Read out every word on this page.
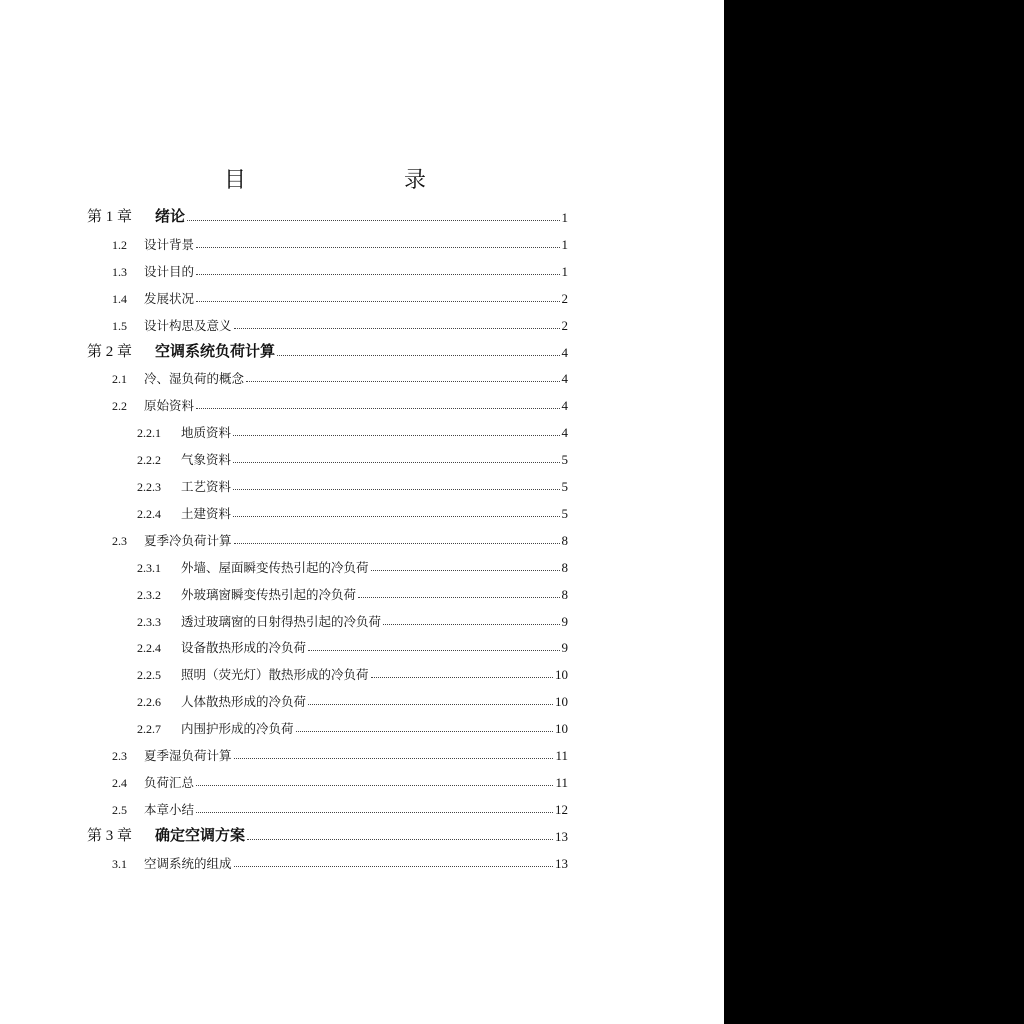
目　　录
第 1 章	绪论	1
1.2	设计背景	1
1.3	设计目的	1
1.4	发展状况	2
1.5	设计构思及意义	2
第 2 章	空调系统负荷计算	4
2.1	冷、湿负荷的概念	4
2.2	原始资料	4
2.2.1	地质资料	4
2.2.2	气象资料	5
2.2.3	工艺资料	5
2.2.4	土建资料	5
2.3	夏季冷负荷计算	8
2.3.1	外墙、屋面瞬变传热引起的冷负荷	8
2.3.2	外玻璃窗瞬变传热引起的冷负荷	8
2.3.3	透过玻璃窗的日射得热引起的冷负荷	9
2.2.4	设备散热形成的冷负荷	9
2.2.5	照明（荧光灯）散热形成的冷负荷	10
2.2.6	人体散热形成的冷负荷	10
2.2.7	内围护形成的冷负荷	10
2.3	夏季湿负荷计算	11
2.4	负荷汇总	11
2.5	本章小结	12
第 3 章	确定空调方案	13
3.1	空调系统的组成	13
